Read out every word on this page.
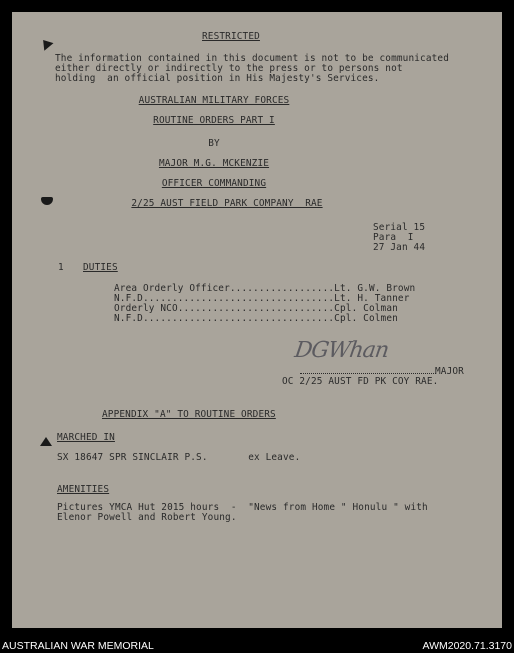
RESTRICTED
The information contained in this document is not to be communicated
either directly or indirectly to the press or to persons not
holding  an official position in His Majesty's Services.
AUSTRALIAN MILITARY FORCES
ROUTINE ORDERS PART I
BY
MAJOR M.G. MCKENZIE
OFFICER COMMANDING
2/25 AUST FIELD PARK COMPANY  RAE
Serial 15
Para  I
27 Jan 44
1 DUTIES
Area Orderly Officer..................Lt. G.W. Brown
N.F.D.................................Lt. H. Tanner
Orderly NCO...........................Cpl. Colman
N.F.D.................................Cpl. Colmen
DGWhan
MAJOR
OC 2/25 AUST FD PK COY RAE.
APPENDIX "A" TO ROUTINE ORDERS
MARCHED IN
SX 18647 SPR SINCLAIR P.S.       ex Leave.
AMENITIES
Pictures YMCA Hut 2015 hours  -  "News from Home " Honulu " with
Elenor Powell and Robert Young.
AUSTRALIAN WAR MEMORIAL	AWM2020.71.3170
